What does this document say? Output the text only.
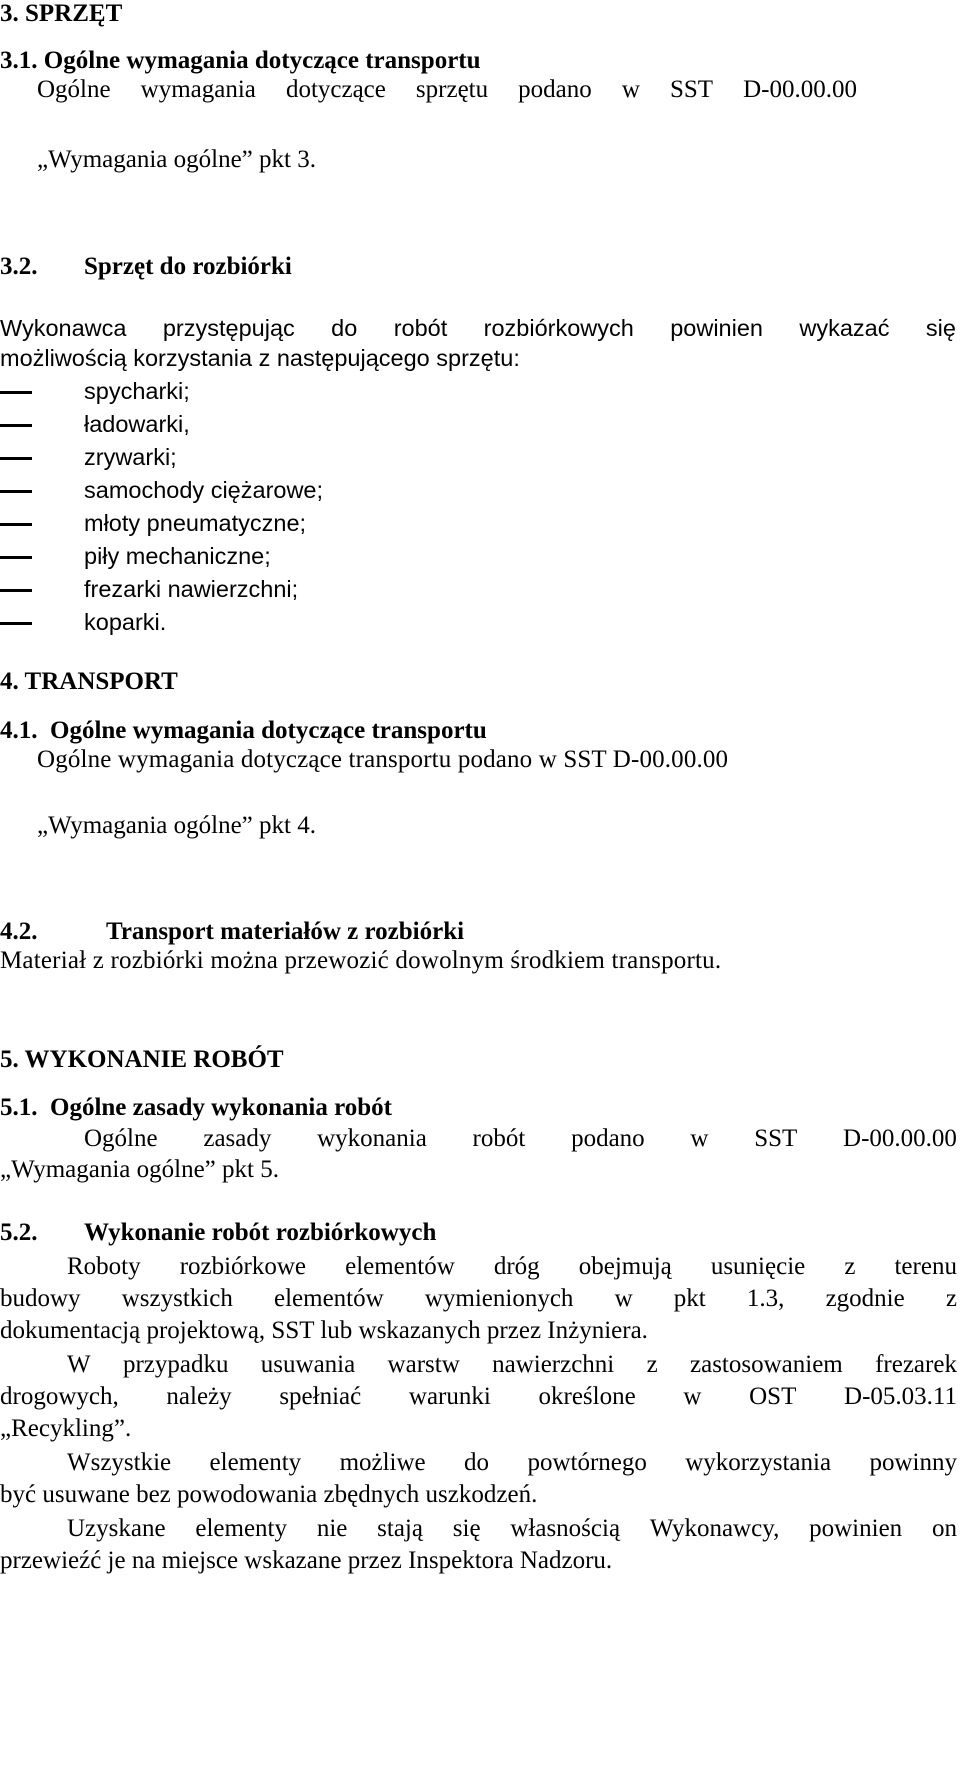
3. SPRZĘT
3.1. Ogólne wymagania dotyczące transportu
Ogólne wymagania dotyczące sprzętu podano w SST D-00.00.00
„Wymagania ogólne” pkt 3.
3.2. Sprzęt do rozbiórki
Wykonawca przystępując do robót rozbiórkowych powinien wykazać się
możliwością korzystania z następującego sprzętu:
spycharki;
ładowarki,
zrywarki;
samochody ciężarowe;
młoty pneumatyczne;
piły mechaniczne;
frezarki nawierzchni;
koparki.
4. TRANSPORT
4.1.  Ogólne wymagania dotyczące transportu
Ogólne wymagania dotyczące transportu podano w SST D-00.00.00
„Wymagania ogólne” pkt 4.
4.2.	Transport materiałów z rozbiórki
Materiał z rozbiórki można przewozić dowolnym środkiem transportu.
5. WYKONANIE ROBÓT
5.1.  Ogólne zasady wykonania robót
Ogólne zasady wykonania robót podano w SST D-00.00.00
„Wymagania ogólne” pkt 5.
5.2. Wykonanie robót rozbiórkowych
Roboty rozbiórkowe elementów dróg obejmują usunięcie z terenu
budowy wszystkich elementów wymienionych w pkt 1.3, zgodnie z
dokumentacją projektową, SST lub wskazanych przez Inżyniera.
W przypadku usuwania warstw nawierzchni z zastosowaniem frezarek
drogowych, należy spełniać warunki określone w OST D-05.03.11
„Recykling”.
Wszystkie elementy możliwe do powtórnego wykorzystania powinny
być usuwane bez powodowania zbędnych uszkodzeń.
Uzyskane elementy nie stają się własnością Wykonawcy, powinien on
przewieźć je na miejsce wskazane przez Inspektora Nadzoru.
